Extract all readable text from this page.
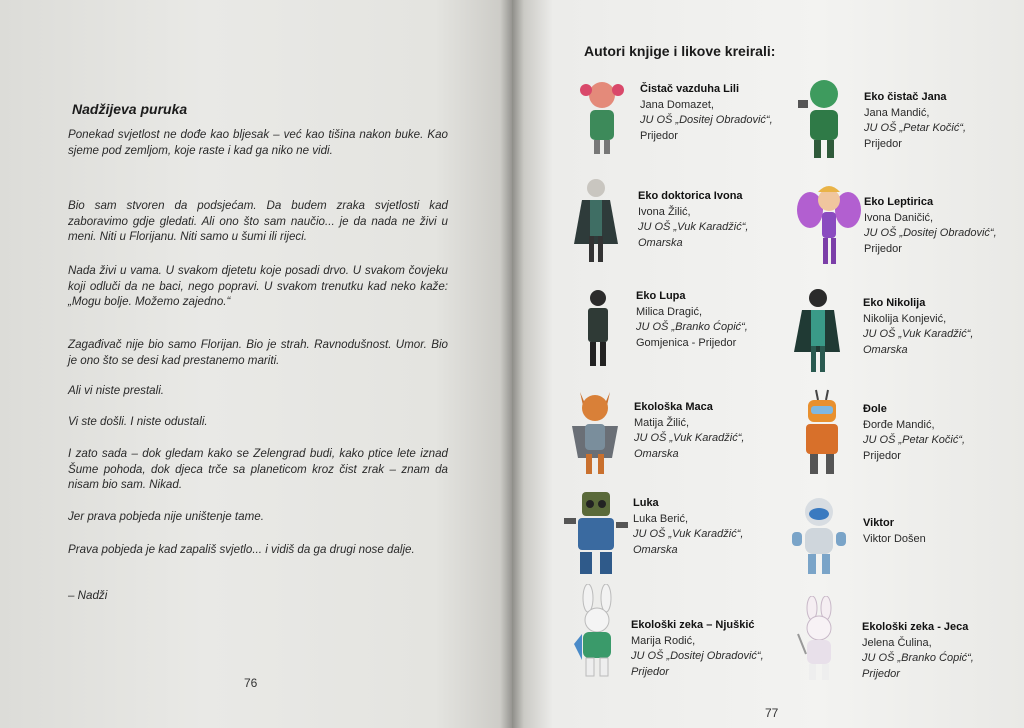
Nadžijeva puruka
Ponekad svjetlost ne dođe kao bljesak – već kao tišina nakon buke. Kao sjeme pod zemljom, koje raste i kad ga niko ne vidi.
Bio sam stvoren da podsjećam. Da budem zraka svjetlosti kad zaboravimo gdje gledati. Ali ono što sam naučio... je da nada ne živi u meni. Niti u Florijanu. Niti samo u šumi ili rijeci.
Nada živi u vama. U svakom djetetu koje posadi drvo. U svakom čovjeku koji odluči da ne baci, nego popravi. U svakom trenutku kad neko kaže: „Mogu bolje. Možemo zajedno.“
Zagađivač nije bio samo Florijan. Bio je strah. Ravnodušnost. Umor. Bio je ono što se desi kad prestanemo mariti.
Ali vi niste prestali.
Vi ste došli. I niste odustali.
I zato sada – dok gledam kako se Zelengrad budi, kako ptice lete iznad Šume pohoda, dok djeca trče sa planeticom kroz čist zrak – znam da nisam bio sam. Nikad.
Jer prava pobjeda nije uništenje tame.
Prava pobjeda je kad zapališ svjetlo... i vidiš da ga drugi nose dalje.
– Nadži
76
Autori knjige i likove kreirali:
Čistač vazduha Lili
Jana Domazet,
JU OŠ „Dositej Obradović“,
Prijedor
Eko čistač Jana
Jana Mandić,
JU OŠ „Petar Kočić“,
Prijedor
Eko doktorica Ivona
Ivona Žilić,
JU OŠ „Vuk Karadžić“,
Omarska
Eko Leptirica
Ivona Daničić,
JU OŠ „Dositej Obradović“,
Prijedor
Eko Lupa
Milica Dragić,
JU OŠ „Branko Ćopić“,
Gomjenica - Prijedor
Eko Nikolija
Nikolija Konjević,
JU OŠ „Vuk Karadžić“,
Omarska
Ekološka Maca
Matija Žilić,
JU OŠ „Vuk Karadžić“,
Omarska
Đole
Đorđe Mandić,
JU OŠ „Petar Kočić“,
Prijedor
Luka
Luka Berić,
JU OŠ „Vuk Karadžić“,
Omarska
Viktor
Viktor Došen
Ekološki zeka – Njuškić
Marija Rodić,
JU OŠ „Dositej Obradović“,
Prijedor
Ekološki zeka - Jeca
Jelena Čulina,
JU OŠ „Branko Ćopić“,
Prijedor
77
